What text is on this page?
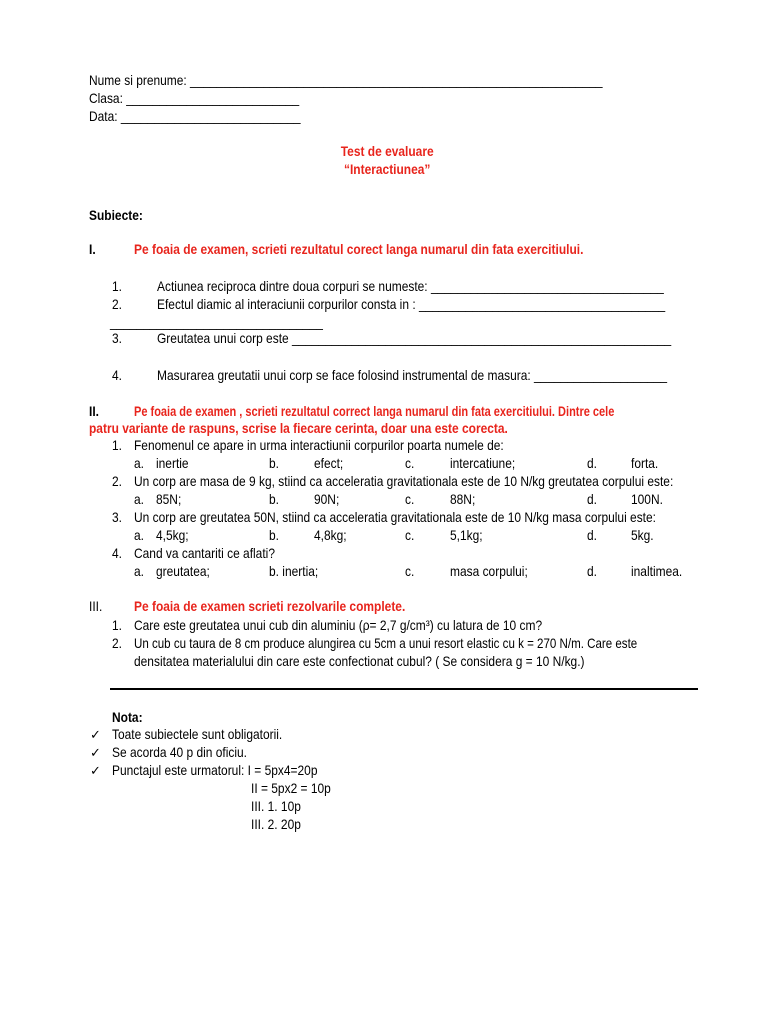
Nume si prenume: ______________________________________________________________
Clasa: __________________________
Data: ___________________________
Test de evaluare
“Interactiunea”
Subiecte:
I.	Pe foaia de examen, scrieti rezultatul corect langa numarul din fata exercitiului.
1.	Actiunea reciproca dintre doua corpuri se numeste: ___________________________________
2.	Efectul diamic al interaciunii corpurilor consta in : _____________________________________
________________________________
3.	Greutatea unui corp este _________________________________________________________
4.	Masurarea greutatii unui corp se face folosind instrumental de masura: ____________________
II.	Pe foaia de examen , scrieti rezultatul correct langa numarul din fata exercitiului. Dintre cele
patru variante de raspuns, scrise la fiecare cerinta, doar una este corecta.
1. Fenomenul ce apare in urma interactiunii corpurilor poarta numele de:
a. inertie	b.	efect;	c.	intercatiune;	d.	forta.
2. Un corp are masa de 9 kg, stiind ca acceleratia gravitationala este de 10 N/kg greutatea corpului este:
a. 85N;	b.	90N;	c.	88N;	d.	100N.
3. Un corp are greutatea 50N, stiind ca acceleratia gravitationala este de 10 N/kg masa corpului este:
a. 4,5kg;	b.	4,8kg;	c.	5,1kg;	d.	5kg.
4. Cand va cantariti ce aflati?
a. greutatea;	b. inertia;	c.	masa corpului;	d.	inaltimea.
III. Pe foaia de examen scrieti rezolvarile complete.
1. Care este greutatea unui cub din aluminiu (ρ= 2,7 g/cm³) cu latura de 10 cm?
2. Un cub cu taura de 8 cm produce alungirea cu 5cm a unui resort elastic cu k = 270 N/m. Care este
densitatea materialului din care este confectionat cubul? ( Se considera g = 10 N/kg.)
Nota:
✓ Toate subiectele sunt obligatorii.
✓ Se acorda 40 p din oficiu.
✓ Punctajul este urmatorul: I = 5px4=20p
II = 5px2 = 10p
III. 1. 10p
III. 2. 20p
